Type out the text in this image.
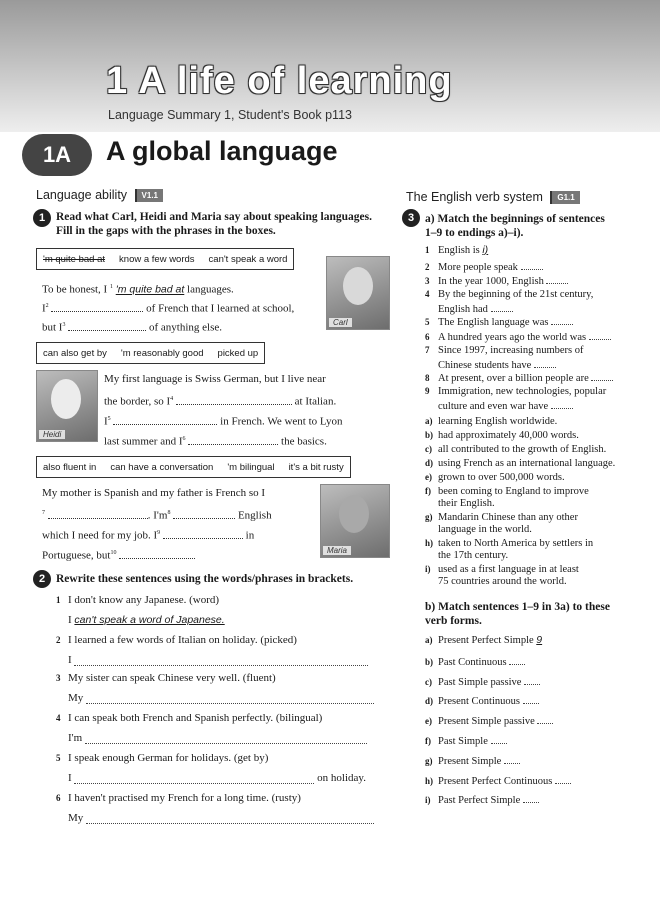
1 A life of learning
Language Summary 1, Student's Book p113
1A	A global language
Language ability V1.1
1 Read what Carl, Heidi and Maria say about speaking languages.
Fill in the gaps with the phrases in the boxes.
'm quite bad at know a few words can't speak a word
To be honest, I $^1$ 'm quite bad at languages.
$I^2$	of French that I learned at school,
but $I^3$	of anything else.	Carl
can also get by 'm reasonably good picked up
Heidi
My first language is Swiss German, but I live near
the border, so $I^4$	at Italian.
$I^5$	in French. We went to Lyon
last summer and $I^6$	the basics.
also fluent in can have a conversation 'm bilingual it's a bit rusty
My mother is Spanish and my father is French so I
$^7$	. $I'm^8$	English
which I need for my job. $I^9$	in
Portuguese, but$^{10}$	Maria
2 Rewrite these sentences using the words/phrases in brackets.
1 I don't know any Japanese. (word)
I can't speak a word of Japanese.
2 I learned a few words of Italian on holiday. (picked)
I
3 My sister can speak Chinese very well. (fluent)
My
4 I can speak both French and Spanish perfectly. (bilingual)
I'm
5 I speak enough German for holidays. (get by)
I	on holiday.
6 I haven't practised my French for a long time. (rusty)
My
The English verb system G1.1
3 a) Match the beginnings of sentences
1–9 to endings a)–i).
1 English is i)
2 More people speak
3 In the year 1000, English
4 By the beginning of the 21st century,
English had
5 The English language was
6 A hundred years ago the world was
7 Since 1997, increasing numbers of
Chinese students have
8 At present, over a billion people are
9 Immigration, new technologies, popular
culture and even war have
a) learning English worldwide.
b) had approximately 40,000 words.
c) all contributed to the growth of English.
d) using French as an international language.
e) grown to over 500,000 words.
f) been coming to England to improve
their English.
g) Mandarin Chinese than any other
language in the world.
h) taken to North America by settlers in
the 17th century.
i) used as a first language in at least
75 countries around the world.
b) Match sentences 1–9 in 3a) to these
verb forms.
a) Present Perfect Simple 9
b) Past Continuous
c) Past Simple passive
d) Present Continuous
e) Present Simple passive
f) Past Simple
g) Present Simple
h) Present Perfect Continuous
i) Past Perfect Simple
